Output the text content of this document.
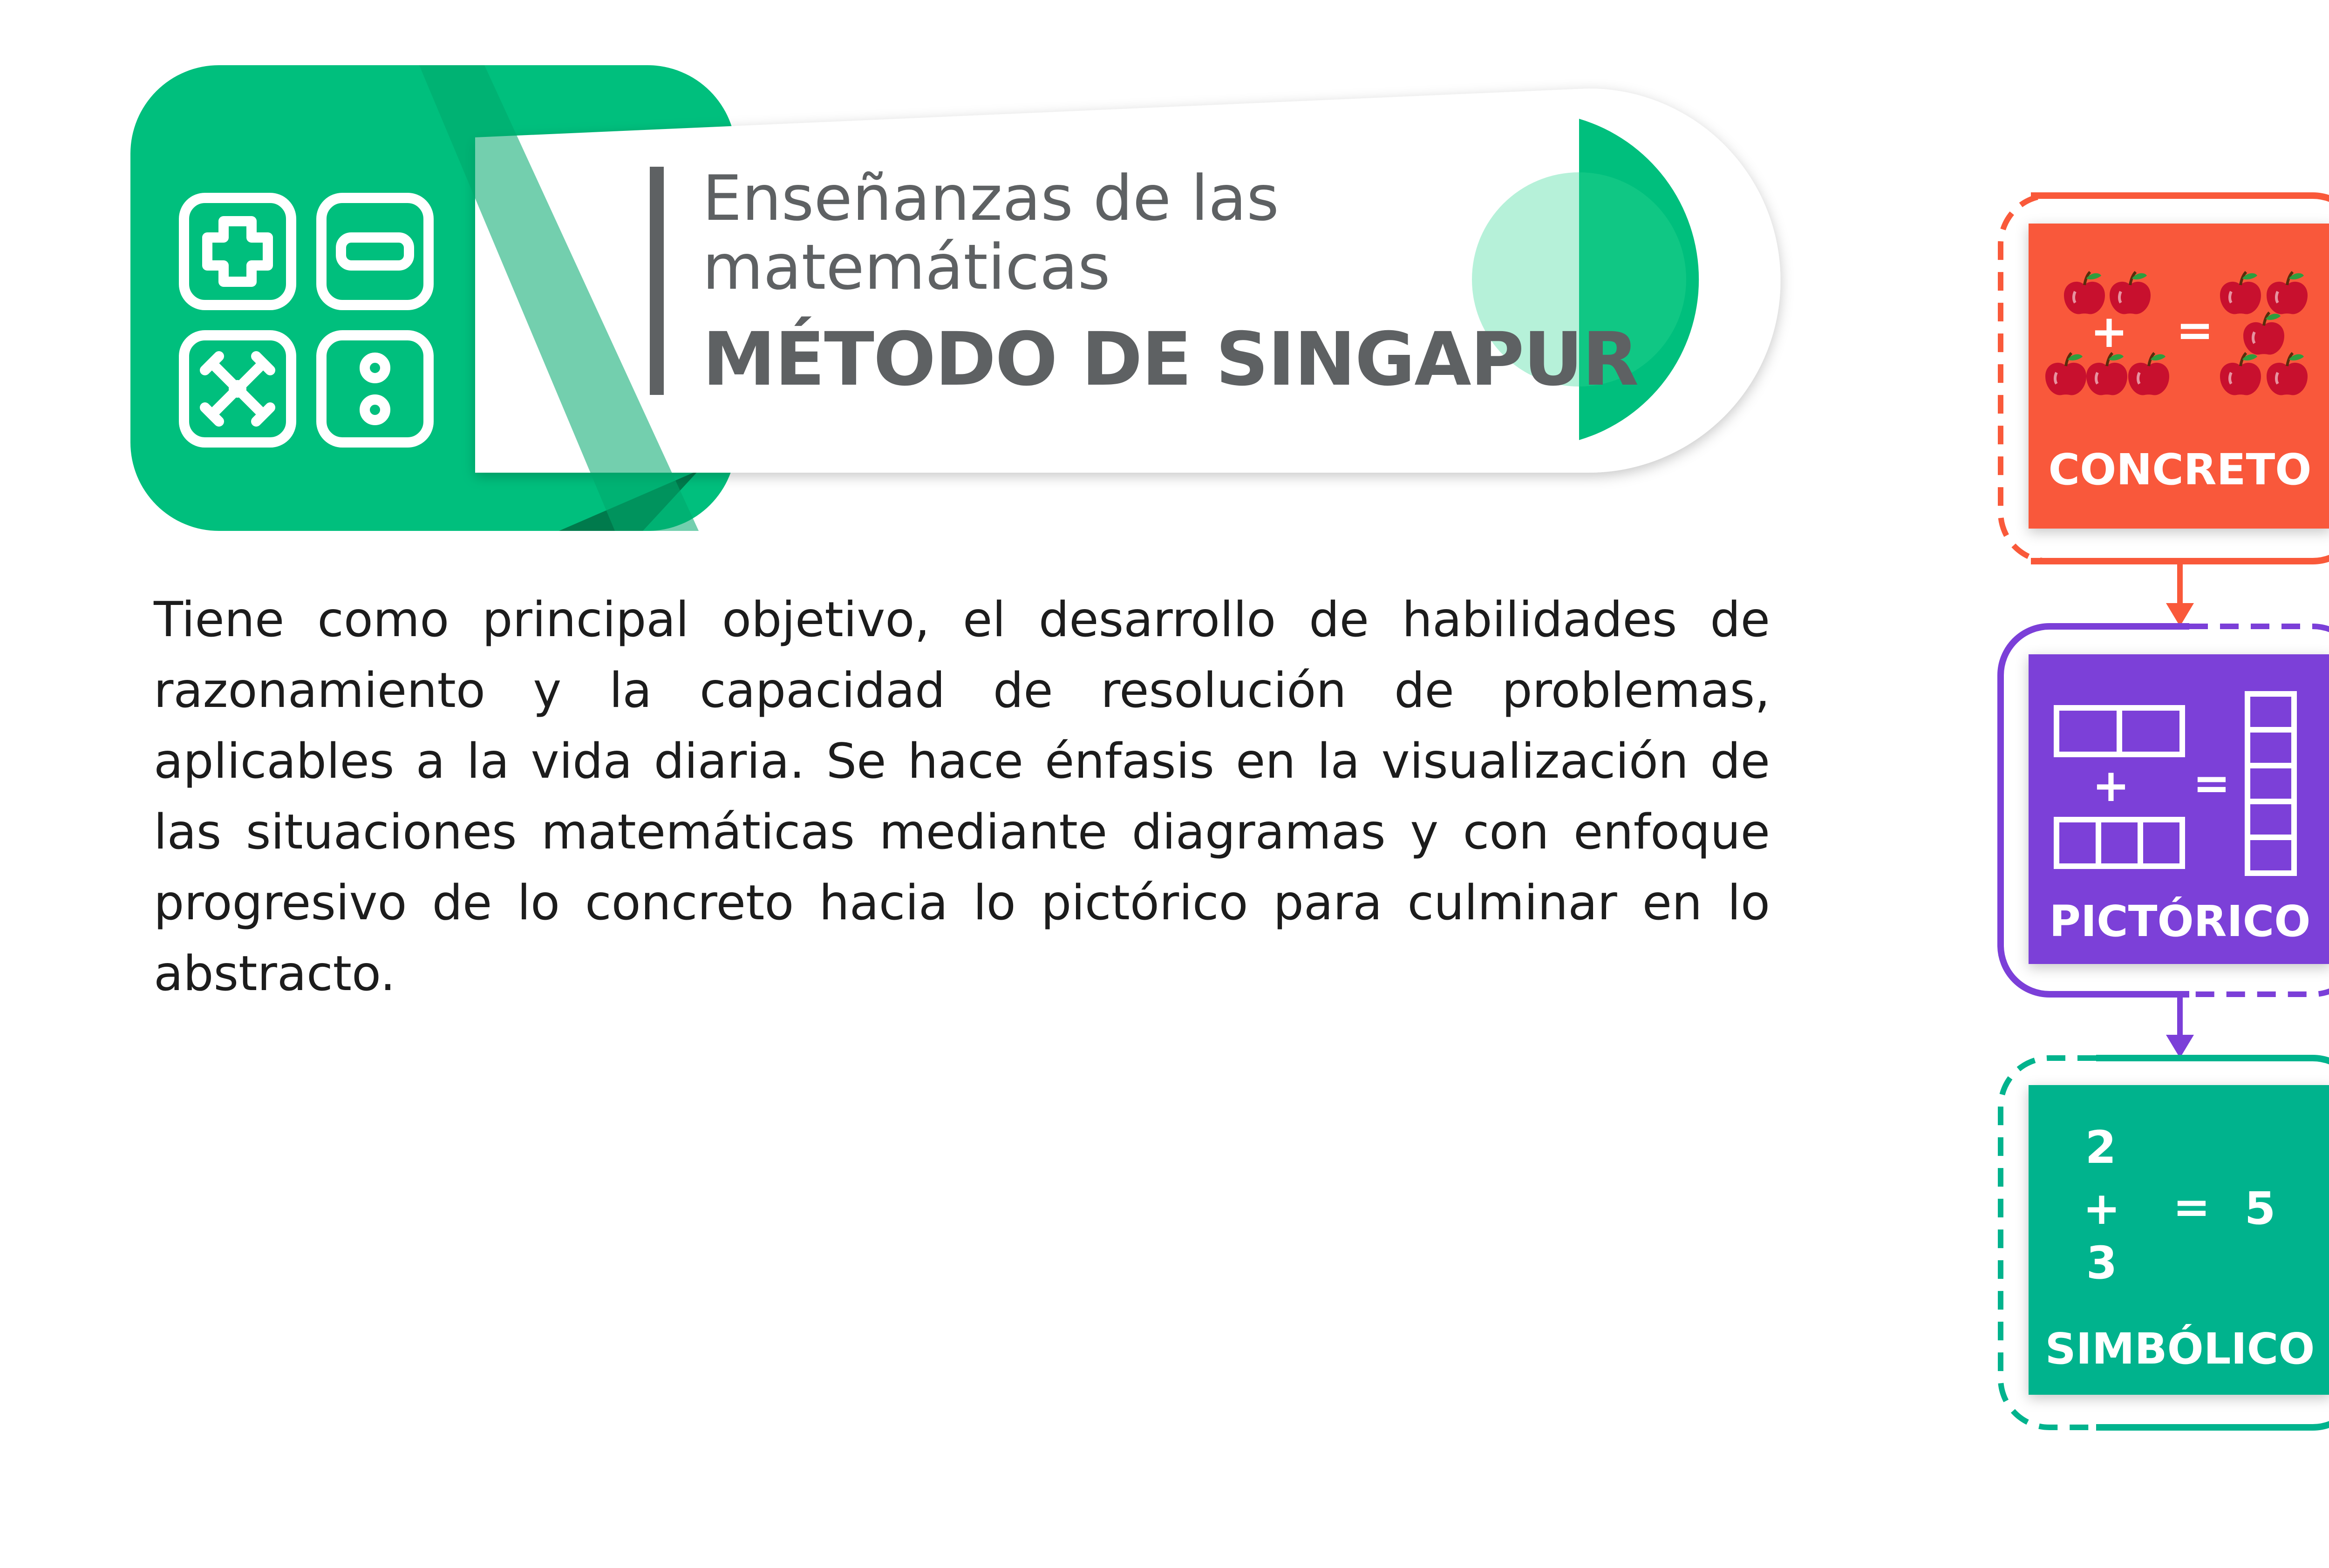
+ =
CONCRETO
+ =
PICTÓRICO
2
+
3
= 5
SIMBÓLICO
Enseñanzas de las matemáticas
MÉTODO DE SINGAPUR

Tiene como principal objetivo, el desarrollo de habilidades de razonamiento y la capacidad de resolución de problemas, aplicables a la vida diaria. Se hace énfasis en la visualización de las situaciones matemáticas mediante diagramas y con enfoque progresivo de lo concreto hacia lo pictórico para culminar en lo abstracto.
